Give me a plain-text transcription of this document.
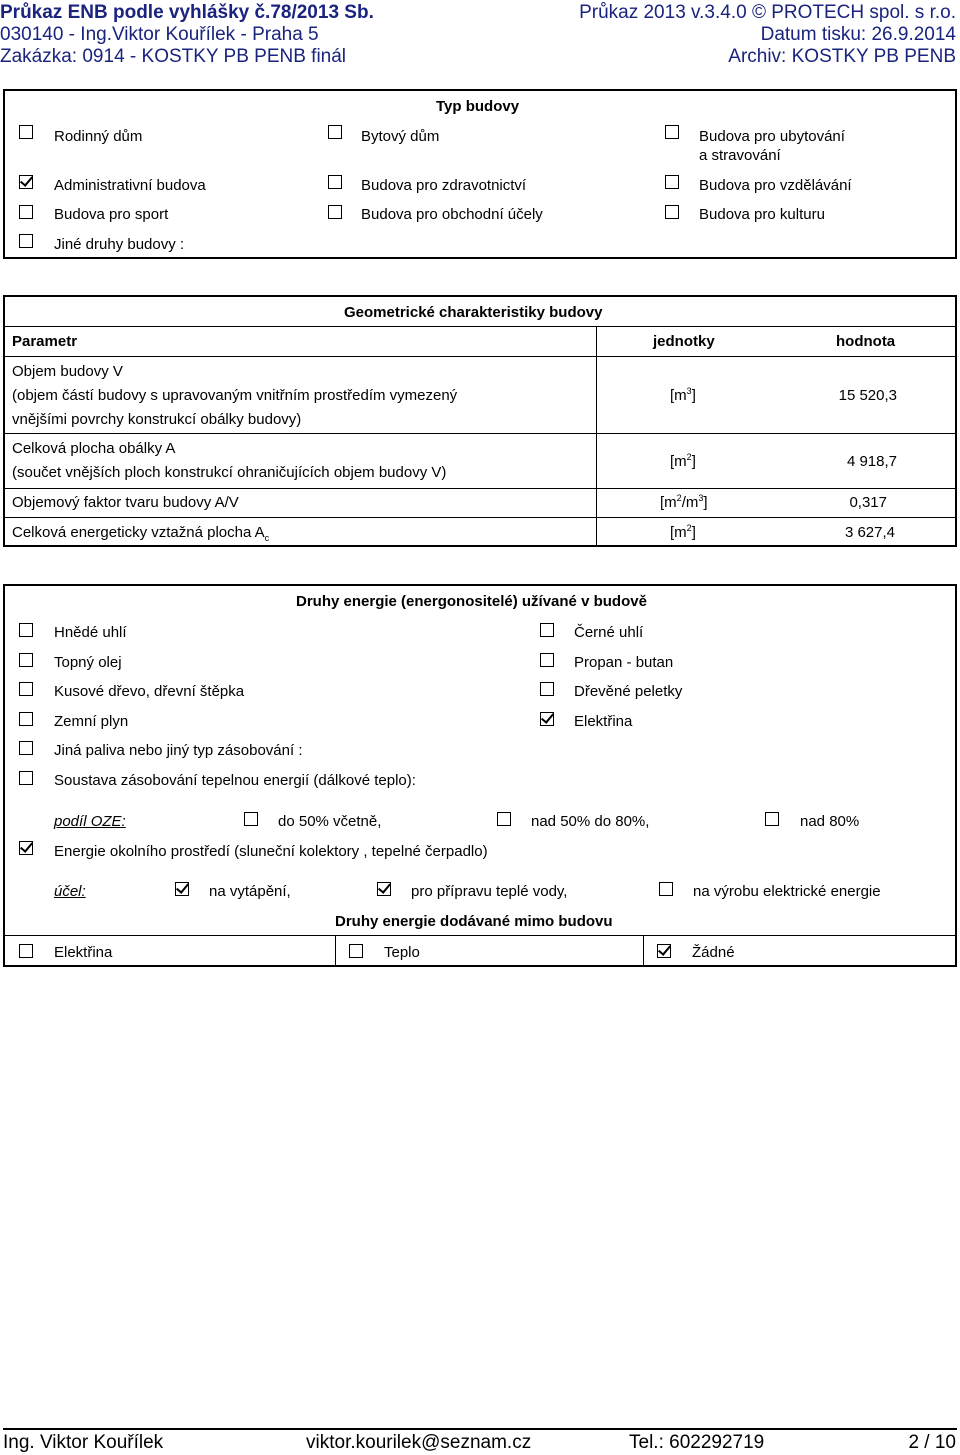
Průkaz ENB podle vyhlášky č.78/2013 Sb.	Průkaz 2013 v.3.4.0 © PROTECH spol. s r.o.
030140 - Ing.Viktor Kouřílek - Praha 5	Datum tisku: 26.9.2014
Zakázka: 0914 - KOSTKY PB PENB finál	Archiv: KOSTKY PB PENB
Typ budovy
Rodinný dům	Bytový dům	Budova pro ubytování
a stravování
Administrativní budova	Budova pro zdravotnictví	Budova pro vzdělávání
Budova pro sport	Budova pro obchodní účely	Budova pro kulturu
Jiné druhy budovy :
Geometrické charakteristiky budovy
Parametr	jednotky	hodnota
Objem budovy V
(objem částí budovy s upravovaným vnitřním prostředím vymezený
vnějšími povrchy konstrukcí obálky budovy)
$[m^3]$	15 520,3
Celková plocha obálky A
(součet vnějších ploch konstrukcí ohraničujících objem budovy V)
$[m^2]$	4 918,7
Objemový faktor tvaru budovy A/V	$[m^2/m^3]$	0,317
Celková energeticky vztažná plocha $A_c$	$[m^2]$	3 627,4
Druhy energie (energonositelé) užívané v budově
Hnědé uhlí	Černé uhlí
Topný olej	Propan - butan
Kusové dřevo, dřevní štěpka	Dřevěné peletky
Zemní plyn	Elektřina
Jiná paliva nebo jiný typ zásobování :
Soustava zásobování tepelnou energií (dálkové teplo):
podíl OZE:	do 50% včetně,	nad 50% do 80%,	nad 80%
Energie okolního prostředí (sluneční kolektory , tepelné čerpadlo)
účel:	na vytápění,	pro přípravu teplé vody,	na výrobu elektrické energie
Druhy energie dodávané mimo budovu
Elektřina	Teplo	Žádné
Ing. Viktor Kouřílek	viktor.kourilek@seznam.cz	Tel.: 602292719	2 / 10
